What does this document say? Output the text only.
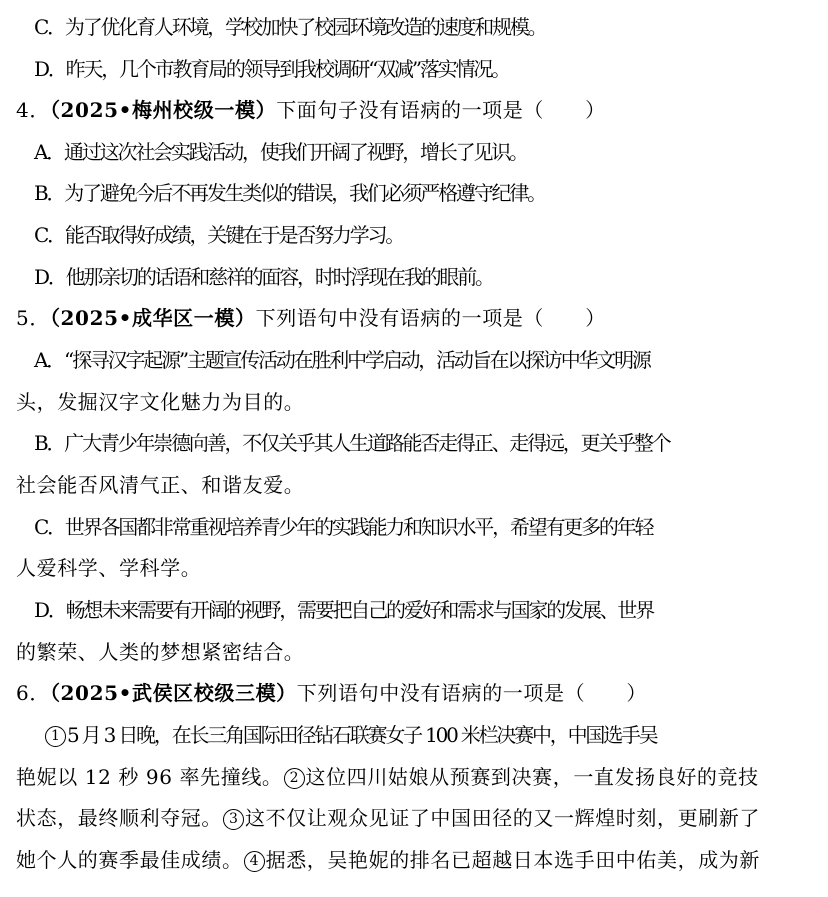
C．为了优化育人环境，学校加快了校园环境改造的速度和规模。
D．昨天，几个市教育局的领导到我校调研“双减”落实情况。
4．（2025•梅州校级一模）下面句子没有语病的一项是（　　）
A．通过这次社会实践活动，使我们开阔了视野，增长了见识。
B．为了避免今后不再发生类似的错误，我们必须严格遵守纪律。
C．能否取得好成绩，关键在于是否努力学习。
D．他那亲切的话语和慈祥的面容，时时浮现在我的眼前。
5．（2025•成华区一模）下列语句中没有语病的一项是（　　）
A．“探寻汉字起源”主题宣传活动在胜利中学启动，活动旨在以探访中华文明源
头，发掘汉字文化魅力为目的。
B．广大青少年崇德向善，不仅关乎其人生道路能否走得正、走得远，更关乎整个
社会能否风清气正、和谐友爱。
C．世界各国都非常重视培养青少年的实践能力和知识水平，希望有更多的年轻
人爱科学、学科学。
D．畅想未来需要有开阔的视野，需要把自己的爱好和需求与国家的发展、世界
的繁荣、人类的梦想紧密结合。
6．（2025•武侯区校级三模）下列语句中没有语病的一项是（　　）
1 5 月 3 日晚，在长三角国际田径钻石联赛女子 100 米栏决赛中，中国选手吴
艳妮以 12 秒 96 率先撞线。 2 这位四川姑娘从预赛到决赛，一直发扬良好的竞技
状态，最终顺利夺冠。 3 这不仅让观众见证了中国田径的又一辉煌时刻，更刷新了
她个人的赛季最佳成绩。 4 据悉，吴艳妮的排名已超越日本选手田中佑美，成为新
